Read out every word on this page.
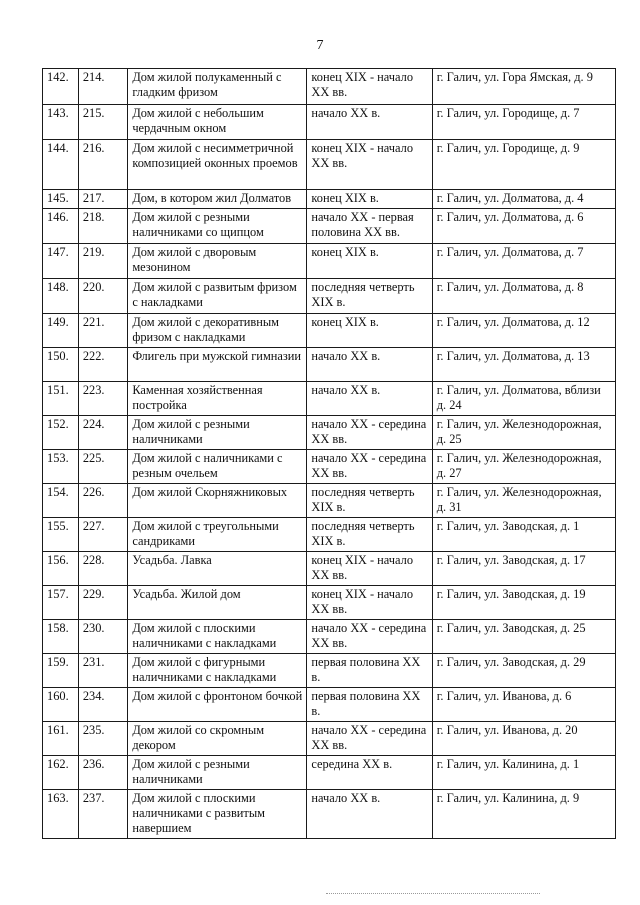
7
142.	214.	Дом жилой полукаменный с гладким фризом	конец XIX - начало XX вв.	г. Галич, ул. Гора Ямская, д. 9
143.	215.	Дом жилой с небольшим чердачным окном	начало XX в.	г. Галич, ул. Городище, д. 7
144.	216.	Дом жилой с несимметричной композицией оконных проемов	конец XIX - начало XX вв.	г. Галич, ул. Городище, д. 9
145.	217.	Дом, в котором жил Долматов	конец XIX в.	г. Галич, ул. Долматова, д. 4
146.	218.	Дом жилой с резными наличниками со щипцом	начало XX - первая половина XX вв.	г. Галич, ул. Долматова, д. 6
147.	219.	Дом жилой с дворовым мезонином	конец XIX в.	г. Галич, ул. Долматова, д. 7
148.	220.	Дом жилой с развитым фризом с накладками	последняя четверть XIX в.	г. Галич, ул. Долматова, д. 8
149.	221.	Дом жилой с декоративным фризом с накладками	конец XIX в.	г. Галич, ул. Долматова, д. 12
150.	222.	Флигель при мужской гимназии	начало XX в.	г. Галич, ул. Долматова, д. 13
151.	223.	Каменная хозяйственная постройка	начало XX в.	г. Галич, ул. Долматова, вблизи д. 24
152.	224.	Дом жилой с резными наличниками	начало XX - середина XX вв.	г. Галич, ул. Железнодорожная, д. 25
153.	225.	Дом жилой с наличниками с резным очельем	начало XX - середина XX вв.	г. Галич, ул. Железнодорожная, д. 27
154.	226.	Дом жилой Скорняжниковых	последняя четверть XIX в.	г. Галич, ул. Железнодорожная, д. 31
155.	227.	Дом жилой с треугольными сандриками	последняя четверть XIX в.	г. Галич, ул. Заводская, д. 1
156.	228.	Усадьба. Лавка	конец XIX - начало XX вв.	г. Галич, ул. Заводская, д. 17
157.	229.	Усадьба. Жилой дом	конец XIX - начало XX вв.	г. Галич, ул. Заводская, д. 19
158.	230.	Дом жилой с плоскими наличниками с накладками	начало XX - середина XX вв.	г. Галич, ул. Заводская, д. 25
159.	231.	Дом жилой с фигурными наличниками с накладками	первая половина XX в.	г. Галич, ул. Заводская, д. 29
160.	234.	Дом жилой с фронтоном бочкой	первая половина XX в.	г. Галич, ул. Иванова, д. 6
161.	235.	Дом жилой со скромным декором	начало XX - середина XX вв.	г. Галич, ул. Иванова, д. 20
162.	236.	Дом жилой с резными наличниками	середина XX в.	г. Галич, ул. Калинина, д. 1
163.	237.	Дом жилой с плоскими наличниками с развитым навершием	начало XX в.	г. Галич, ул. Калинина, д. 9
